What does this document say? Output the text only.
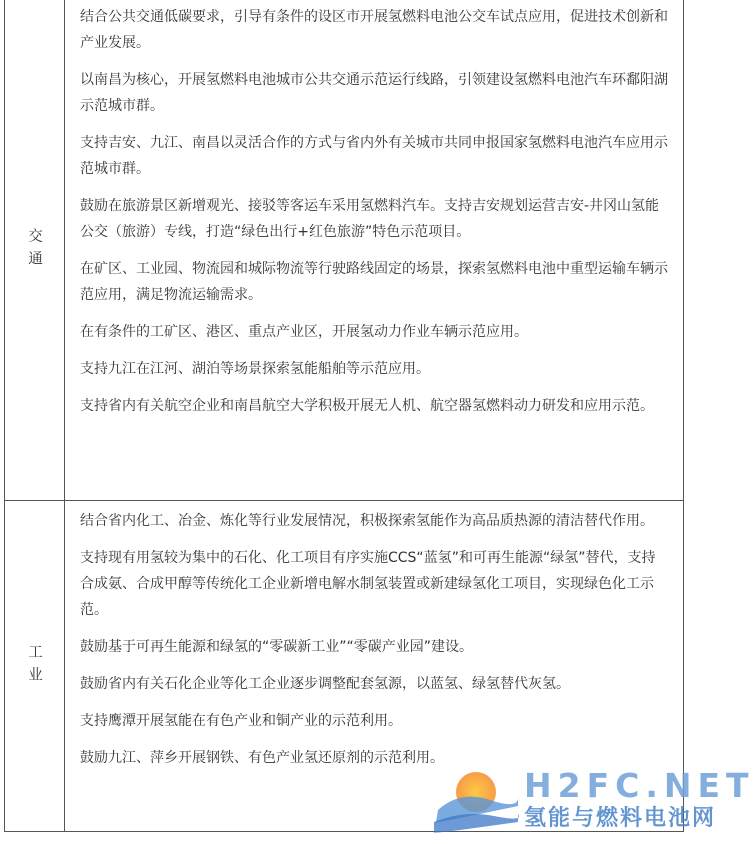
交通

结合公共交通低碳要求，引导有条件的设区市开展氢燃料电池公交车试点应用，促进技术创新和产业发展。

以南昌为核心，开展氢燃料电池城市公共交通示范运行线路，引领建设氢燃料电池汽车环鄱阳湖示范城市群。

支持吉安、九江、南昌以灵活合作的方式与省内外有关城市共同申报国家氢燃料电池汽车应用示范城市群。

鼓励在旅游景区新增观光、接驳等客运车采用氢燃料汽车。支持吉安规划运营吉安-井冈山氢能公交（旅游）专线，打造“绿色出行+红色旅游”特色示范项目。

在矿区、工业园、物流园和城际物流等行驶路线固定的场景，探索氢燃料电池中重型运输车辆示范应用，满足物流运输需求。

在有条件的工矿区、港区、重点产业区，开展氢动力作业车辆示范应用。

支持九江在江河、湖泊等场景探索氢能船舶等示范应用。

支持省内有关航空企业和南昌航空大学积极开展无人机、航空器氢燃料动力研发和应用示范。

工业

结合省内化工、冶金、炼化等行业发展情况，积极探索氢能作为高品质热源的清洁替代作用。

支持现有用氢较为集中的石化、化工项目有序实施CCS“蓝氢”和可再生能源“绿氢”替代，支持合成氨、合成甲醇等传统化工企业新增电解水制氢装置或新建绿氢化工项目，实现绿色化工示范。

鼓励基于可再生能源和绿氢的“零碳新工业”“零碳产业园”建设。

鼓励省内有关石化企业等化工企业逐步调整配套氢源，以蓝氢、绿氢替代灰氢。

支持鹰潭开展氢能在有色产业和铜产业的示范利用。

鼓励九江、萍乡开展钢铁、有色产业氢还原剂的示范利用。

H2FC.NET
氢能与燃料电池网
